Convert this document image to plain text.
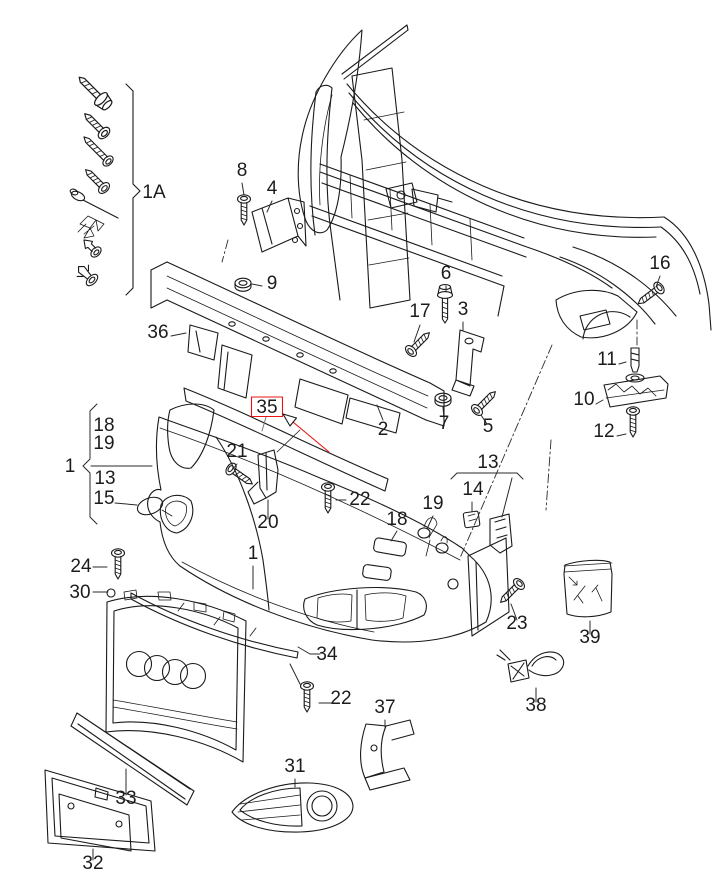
1A
8
4
9
36
17
6
3
16
11
10
12
2	7 5
35
18
19
1
13
15
21
20
22	19
18
13
14
1
24
30
23
39
34
22 37	38
31
33
32
